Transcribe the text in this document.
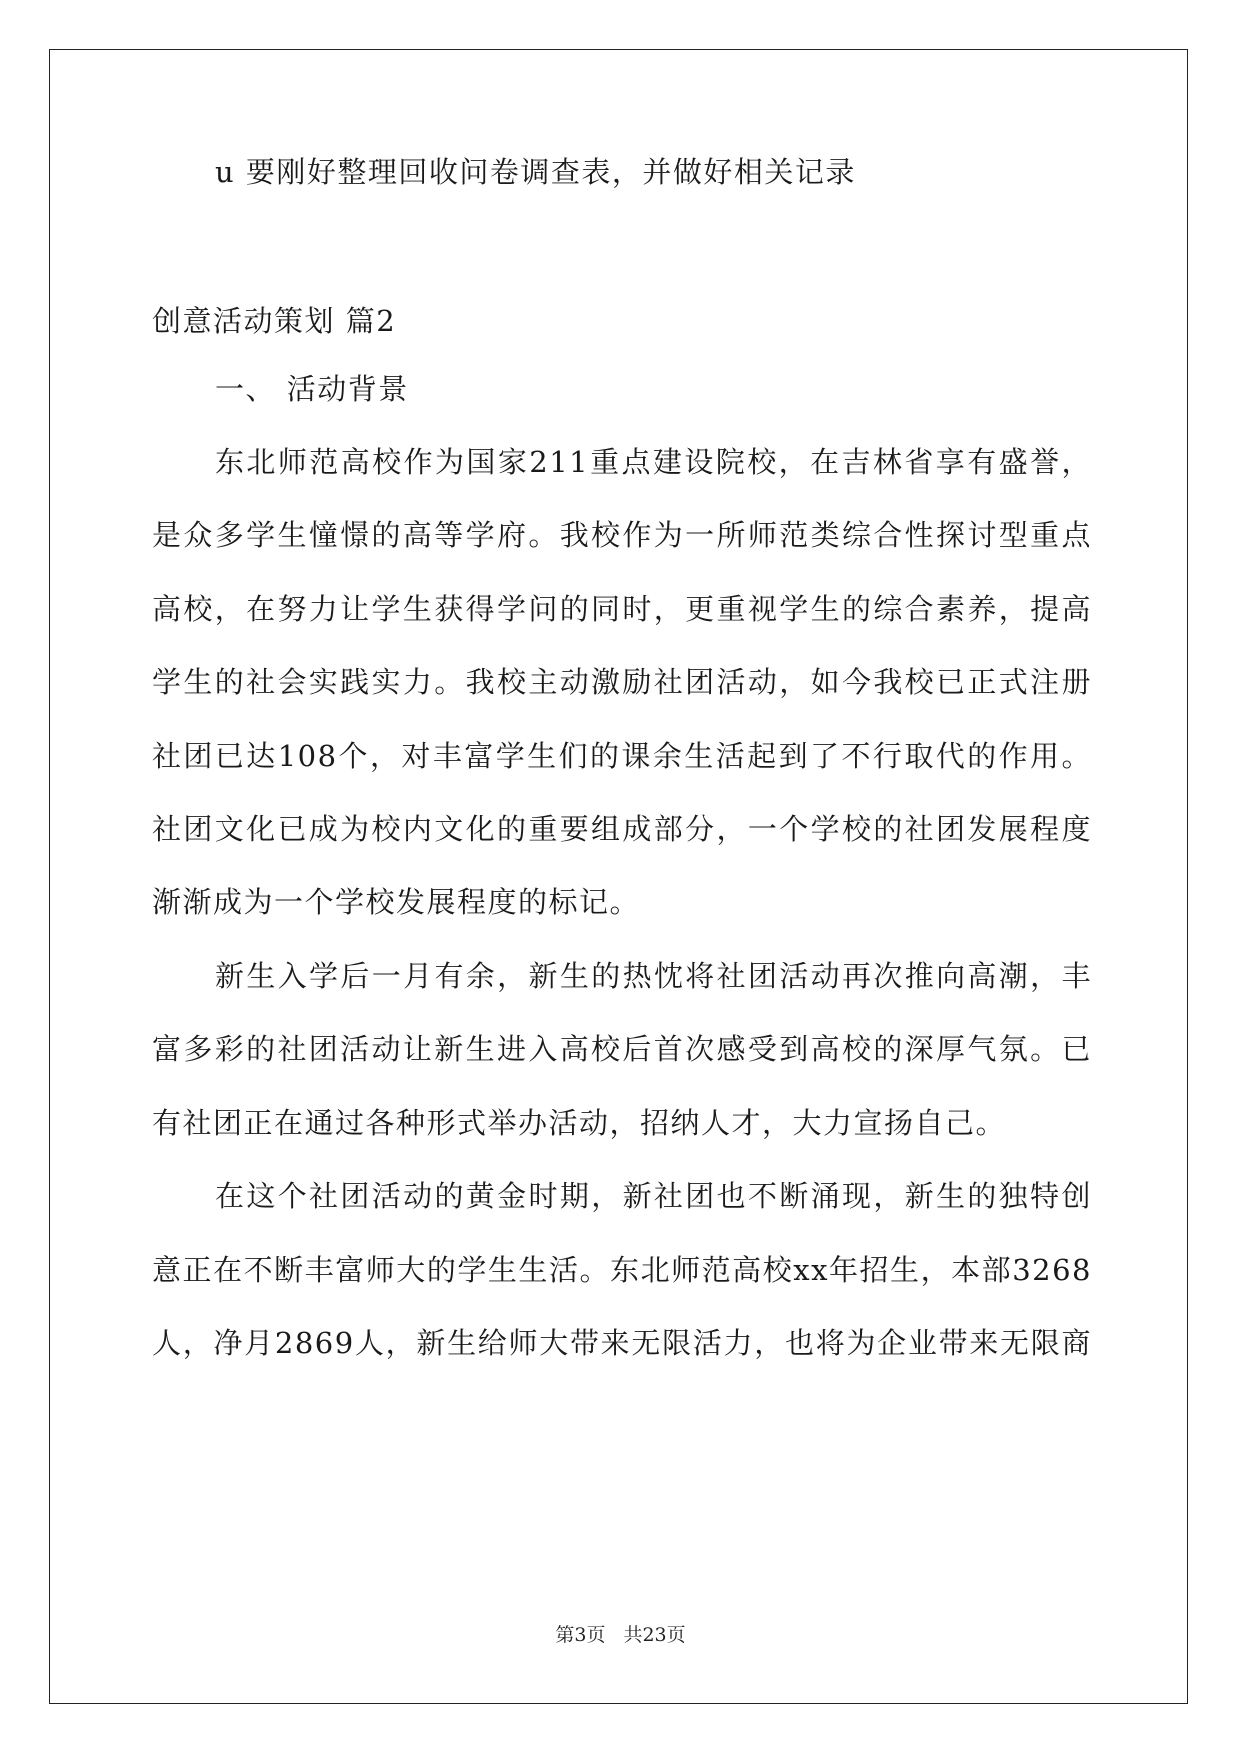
u 要刚好整理回收问卷调查表，并做好相关记录
创意活动策划 篇2
一、 活动背景
东北师范高校作为国家211重点建设院校，在吉林省享有盛誉，
是众多学生憧憬的高等学府。我校作为一所师范类综合性探讨型重点
高校，在努力让学生获得学问的同时，更重视学生的综合素养，提高
学生的社会实践实力。我校主动激励社团活动，如今我校已正式注册
社团已达108个，对丰富学生们的课余生活起到了不行取代的作用。
社团文化已成为校内文化的重要组成部分，一个学校的社团发展程度
渐渐成为一个学校发展程度的标记。
新生入学后一月有余，新生的热忱将社团活动再次推向高潮，丰
富多彩的社团活动让新生进入高校后首次感受到高校的深厚气氛。已
有社团正在通过各种形式举办活动，招纳人才，大力宣扬自己。
在这个社团活动的黄金时期，新社团也不断涌现，新生的独特创
意正在不断丰富师大的学生生活。东北师范高校xx年招生，本部3268
人，净月2869人，新生给师大带来无限活力，也将为企业带来无限商
第3页 共23页
